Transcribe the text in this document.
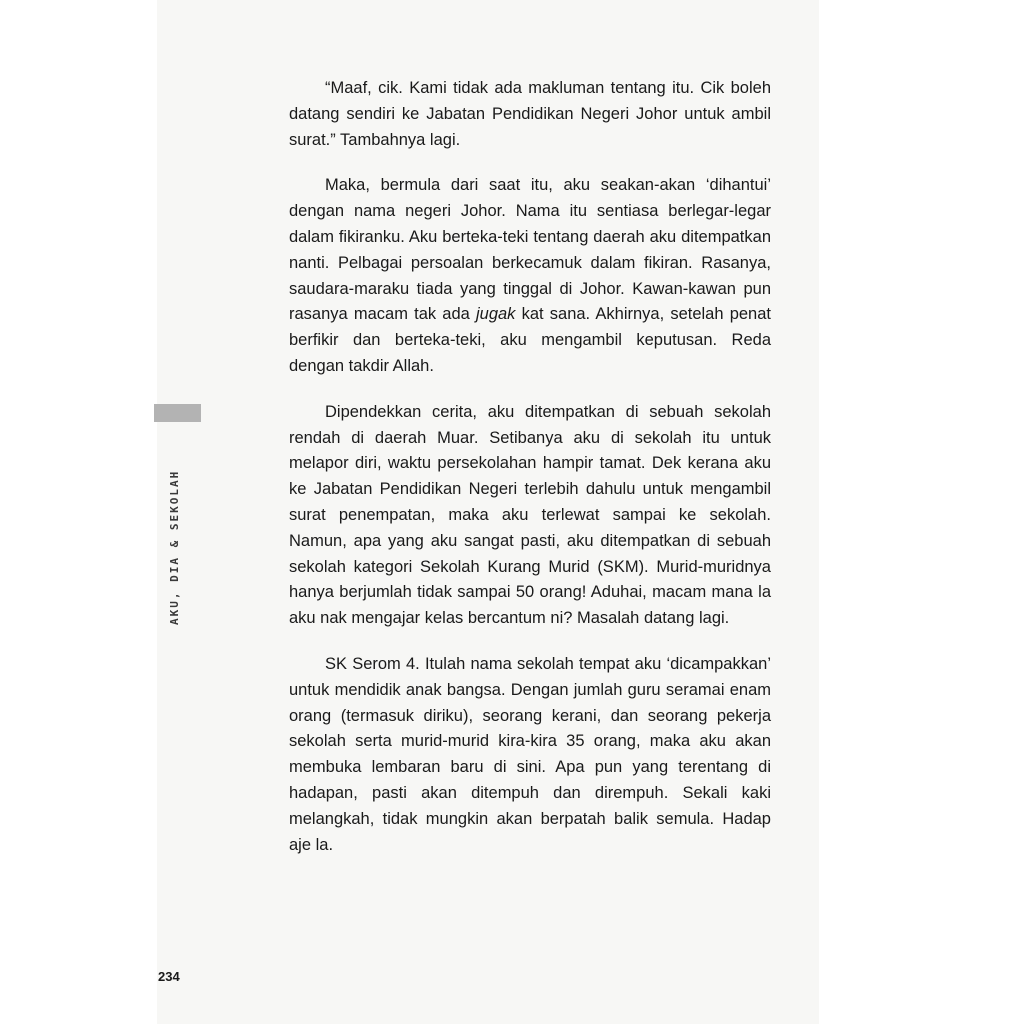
“Maaf, cik. Kami tidak ada makluman tentang itu. Cik boleh datang sendiri ke Jabatan Pendidikan Negeri Johor untuk ambil surat.” Tambahnya lagi.

Maka, bermula dari saat itu, aku seakan-akan ‘dihantui’ dengan nama negeri Johor. Nama itu sentiasa berlegar-legar dalam fikiranku. Aku berteka-teki tentang daerah aku ditempatkan nanti. Pelbagai persoalan berkecamuk dalam fikiran. Rasanya, saudara-maraku tiada yang tinggal di Johor. Kawan-kawan pun rasanya macam tak ada jugak kat sana. Akhirnya, setelah penat berfikir dan berteka-teki, aku mengambil keputusan. Reda dengan takdir Allah.

Dipendekkan cerita, aku ditempatkan di sebuah sekolah rendah di daerah Muar. Setibanya aku di sekolah itu untuk melapor diri, waktu persekolahan hampir tamat. Dek kerana aku ke Jabatan Pendidikan Negeri terlebih dahulu untuk mengambil surat penempatan, maka aku terlewat sampai ke sekolah. Namun, apa yang aku sangat pasti, aku ditempatkan di sebuah sekolah kategori Sekolah Kurang Murid (SKM). Murid-muridnya hanya berjumlah tidak sampai 50 orang! Aduhai, macam mana la aku nak mengajar kelas bercantum ni? Masalah datang lagi.

SK Serom 4. Itulah nama sekolah tempat aku ‘dicampakkan’ untuk mendidik anak bangsa. Dengan jumlah guru seramai enam orang (termasuk diriku), seorang kerani, dan seorang pekerja sekolah serta murid-murid kira-kira 35 orang, maka aku akan membuka lembaran baru di sini. Apa pun yang terentang di hadapan, pasti akan ditempuh dan dirempuh. Sekali kaki melangkah, tidak mungkin akan berpatah balik semula. Hadap aje la.

234
